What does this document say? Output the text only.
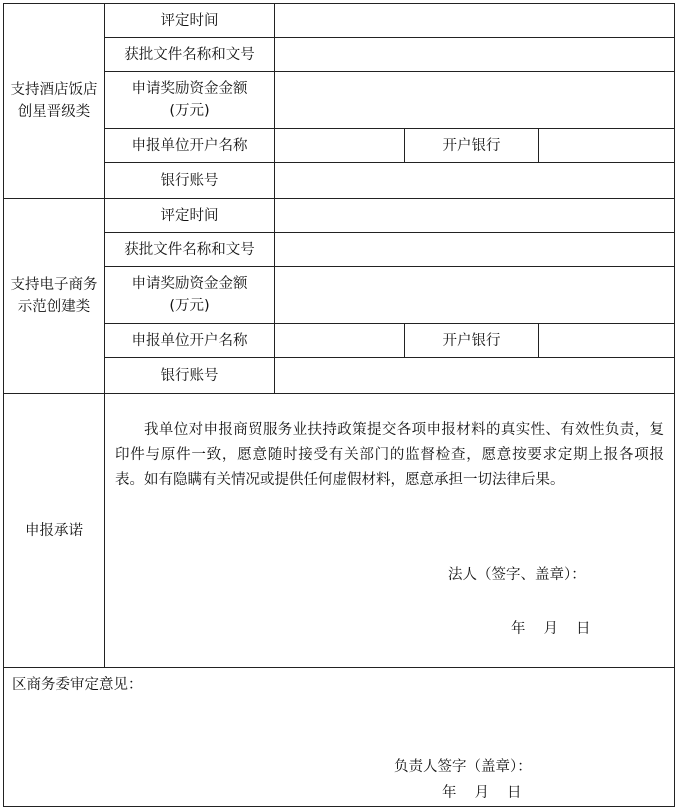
支持酒店饭店
创星晋级类	评定时间			
	获批文件名称和文号			

	申请奖励资金金额
(万元)			

	申报单位开户名称		开户银行	
	银行账号			

支持电子商务
示范创建类	评定时间			
	获批文件名称和文号			

	申请奖励资金金额
(万元)			

	申报单位开户名称		开户银行	
	银行账号			
申报承诺	我单位对申报商贸服务业扶持政策提交各项申报材料的真实性、有效性负责，复印件与原件一致，愿意随时接受有关部门的监督检查，愿意按要求定期上报各项报表。如有隐瞒有关情况或提供任何虚假材料，愿意承担一切法律后果。
法人（签字、盖章）：
年 月 日			

区商务委审定意见：
负责人签字（盖章）：
年 月 日				
